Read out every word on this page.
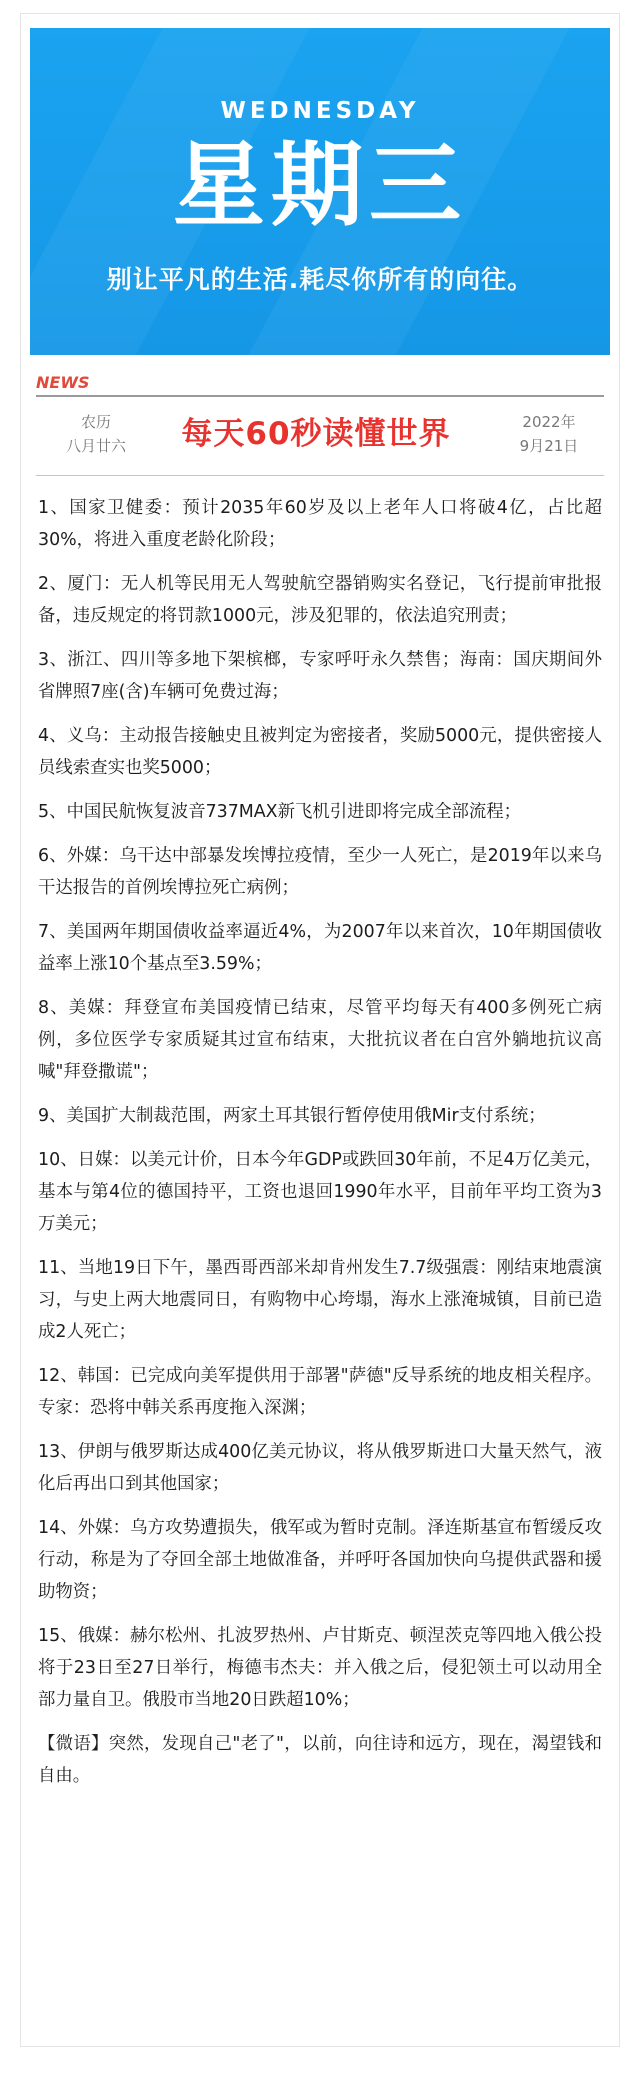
WEDNESDAY
星期三
别让平凡的生活.耗尽你所有的向往。
NEWS
农历
八月廿六	每天60秒读懂世界	2022年
9月21日

1、国家卫健委：预计2035年60岁及以上老年人口将破4亿，占比超30%，将进入重度老龄化阶段；

2、厦门：无人机等民用无人驾驶航空器销购实名登记，飞行提前审批报备，违反规定的将罚款1000元，涉及犯罪的，依法追究刑责；

3、浙江、四川等多地下架槟榔，专家呼吁永久禁售；海南：国庆期间外省牌照7座(含)车辆可免费过海；

4、义乌：主动报告接触史且被判定为密接者，奖励5000元，提供密接人员线索查实也奖5000；

5、中国民航恢复波音737MAX新飞机引进即将完成全部流程；

6、外媒：乌干达中部暴发埃博拉疫情，至少一人死亡，是2019年以来乌干达报告的首例埃博拉死亡病例；

7、美国两年期国债收益率逼近4%，为2007年以来首次，10年期国债收益率上涨10个基点至3.59%；

8、美媒：拜登宣布美国疫情已结束，尽管平均每天有400多例死亡病例，多位医学专家质疑其过宣布结束，大批抗议者在白宫外躺地抗议高喊"拜登撒谎"；

9、美国扩大制裁范围，两家土耳其银行暂停使用俄Mir支付系统；

10、日媒：以美元计价，日本今年GDP或跌回30年前，不足4万亿美元，基本与第4位的德国持平，工资也退回1990年水平，目前年平均工资为3万美元；

11、当地19日下午，墨西哥西部米却肯州发生7.7级强震：刚结束地震演习，与史上两大地震同日，有购物中心垮塌，海水上涨淹城镇，目前已造成2人死亡；

12、韩国：已完成向美军提供用于部署"萨德"反导系统的地皮相关程序。专家：恐将中韩关系再度拖入深渊；

13、伊朗与俄罗斯达成400亿美元协议，将从俄罗斯进口大量天然气，液化后再出口到其他国家；

14、外媒：乌方攻势遭损失，俄军或为暂时克制。泽连斯基宣布暂缓反攻行动，称是为了夺回全部土地做准备，并呼吁各国加快向乌提供武器和援助物资；

15、俄媒：赫尔松州、扎波罗热州、卢甘斯克、顿涅茨克等四地入俄公投将于23日至27日举行，梅德韦杰夫：并入俄之后，侵犯领土可以动用全部力量自卫。俄股市当地20日跌超10%；

【微语】突然，发现自己"老了"，以前，向往诗和远方，现在，渴望钱和自由。
